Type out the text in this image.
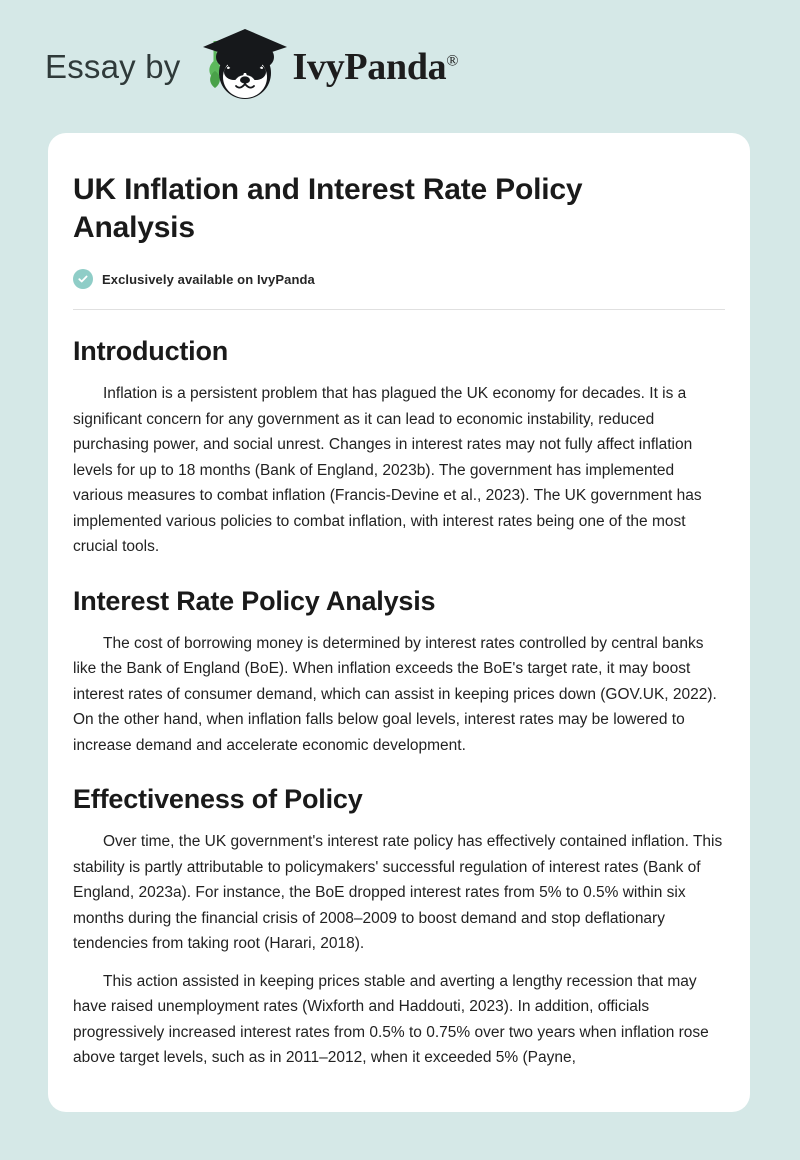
Essay by	IvyPanda®
UK Inflation and Interest Rate Policy Analysis
Exclusively available on IvyPanda
Introduction

Inflation is a persistent problem that has plagued the UK economy for decades. It is a significant concern for any government as it can lead to economic instability, reduced purchasing power, and social unrest. Changes in interest rates may not fully affect inflation levels for up to 18 months (Bank of England, 2023b). The government has implemented various measures to combat inflation (Francis-Devine et al., 2023). The UK government has implemented various policies to combat inflation, with interest rates being one of the most crucial tools.

Interest Rate Policy Analysis

The cost of borrowing money is determined by interest rates controlled by central banks like the Bank of England (BoE). When inflation exceeds the BoE's target rate, it may boost interest rates of consumer demand, which can assist in keeping prices down (GOV.UK, 2022). On the other hand, when inflation falls below goal levels, interest rates may be lowered to increase demand and accelerate economic development.

Effectiveness of Policy

Over time, the UK government's interest rate policy has effectively contained inflation. This stability is partly attributable to policymakers' successful regulation of interest rates (Bank of England, 2023a). For instance, the BoE dropped interest rates from 5% to 0.5% within six months during the financial crisis of 2008–2009 to boost demand and stop deflationary tendencies from taking root (Harari, 2018).

This action assisted in keeping prices stable and averting a lengthy recession that may have raised unemployment rates (Wixforth and Haddouti, 2023). In addition, officials progressively increased interest rates from 0.5% to 0.75% over two years when inflation rose above target levels, such as in 2011–2012, when it exceeded 5% (Payne,
